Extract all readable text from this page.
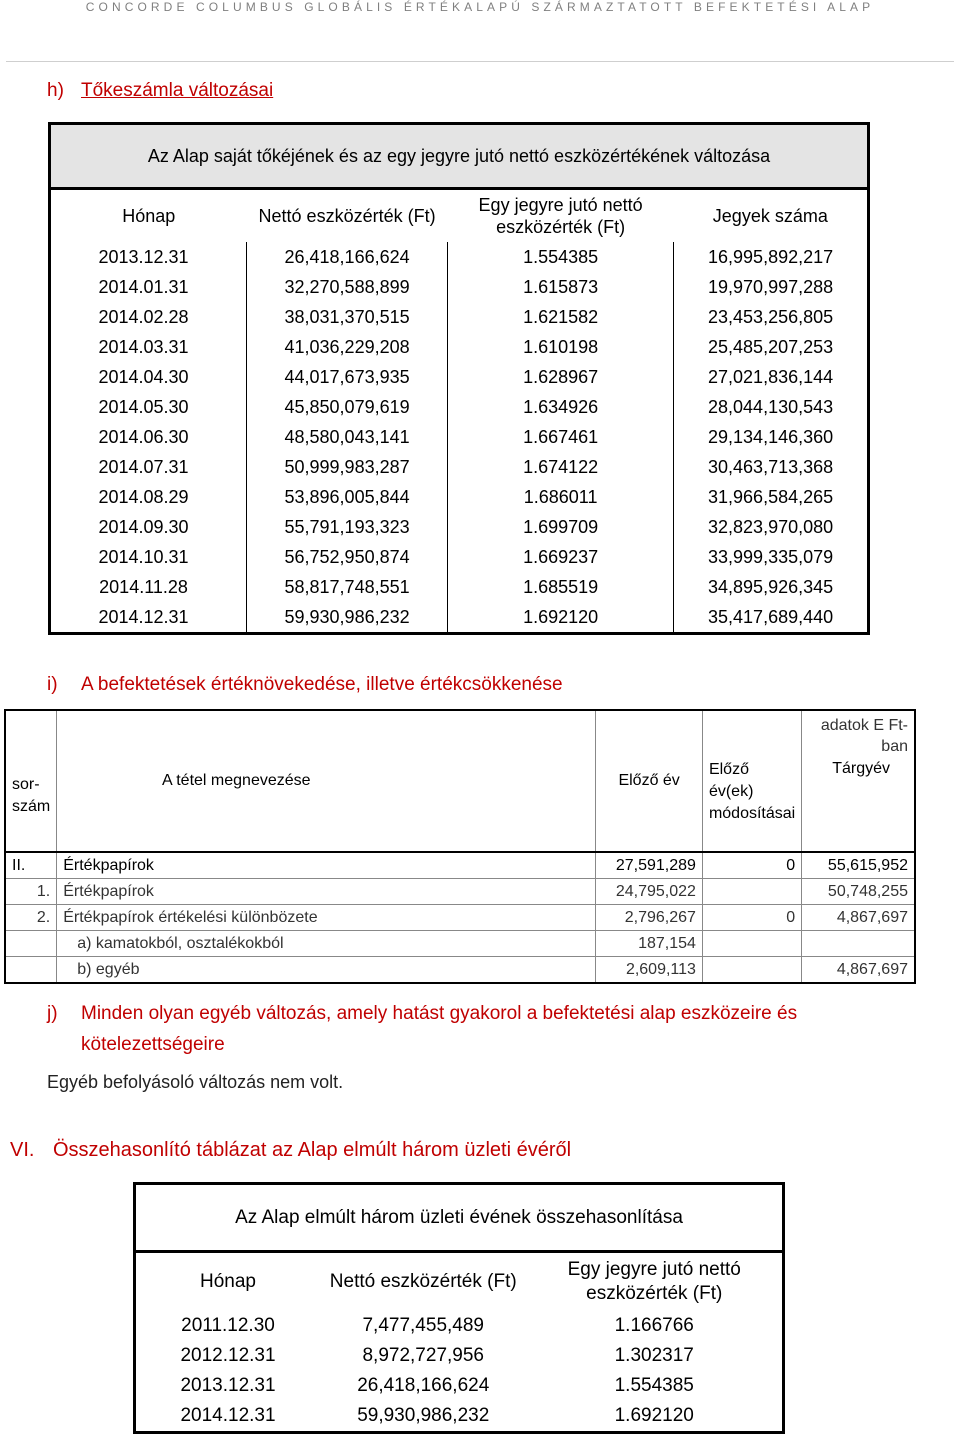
CONCORDE COLUMBUS GLOBÁLIS ÉRTÉKALAPÚ SZÁRMAZTATOTT BEFEKTETÉSI ALAP
h) Tőkeszámla változásai
Az Alap saját tőkéjének és az egy jegyre jutó nettó eszközértékének változása			
Hónap	Nettó eszközérték (Ft)	Egy jegyre jutó nettó eszközérték (Ft)	Jegyek száma
2013.12.31	26,418,166,624	1.554385	16,995,892,217
2014.01.31	32,270,588,899	1.615873	19,970,997,288
2014.02.28	38,031,370,515	1.621582	23,453,256,805
2014.03.31	41,036,229,208	1.610198	25,485,207,253
2014.04.30	44,017,673,935	1.628967	27,021,836,144
2014.05.30	45,850,079,619	1.634926	28,044,130,543
2014.06.30	48,580,043,141	1.667461	29,134,146,360
2014.07.31	50,999,983,287	1.674122	30,463,713,368
2014.08.29	53,896,005,844	1.686011	31,966,584,265
2014.09.30	55,791,193,323	1.699709	32,823,970,080
2014.10.31	56,752,950,874	1.669237	33,999,335,079
2014.11.28	58,817,748,551	1.685519	34,895,926,345
2014.12.31	59,930,986,232	1.692120	35,417,689,440
i) A befektetések értéknövekedése, illetve értékcsökkenése
sor-szám	A tétel megnevezése	Előző év	Előző év(ek) módosításai	adatok E Ft-ban
Tárgyév

II.	Értékpapírok	27,591,289	0	55,615,952
1.	Értékpapírok	24,795,022		50,748,255
2.	Értékpapírok értékelési különbözete	2,796,267	0	4,867,697
	a) kamatokból, osztalékokból	187,154		
	b) egyéb	2,609,113		4,867,697
j) Minden olyan egyéb változás, amely hatást gyakorol a befektetési alap eszközeire és
kötelezettségeire
Egyéb befolyásoló változás nem volt.
VI. Összehasonlító táblázat az Alap elmúlt három üzleti évéről
Az Alap elmúlt három üzleti évének összehasonlítása		
Hónap	Nettó eszközérték (Ft)	Egy jegyre jutó nettó eszközérték (Ft)
2011.12.30	7,477,455,489	1.166766
2012.12.31	8,972,727,956	1.302317
2013.12.31	26,418,166,624	1.554385
2014.12.31	59,930,986,232	1.692120
